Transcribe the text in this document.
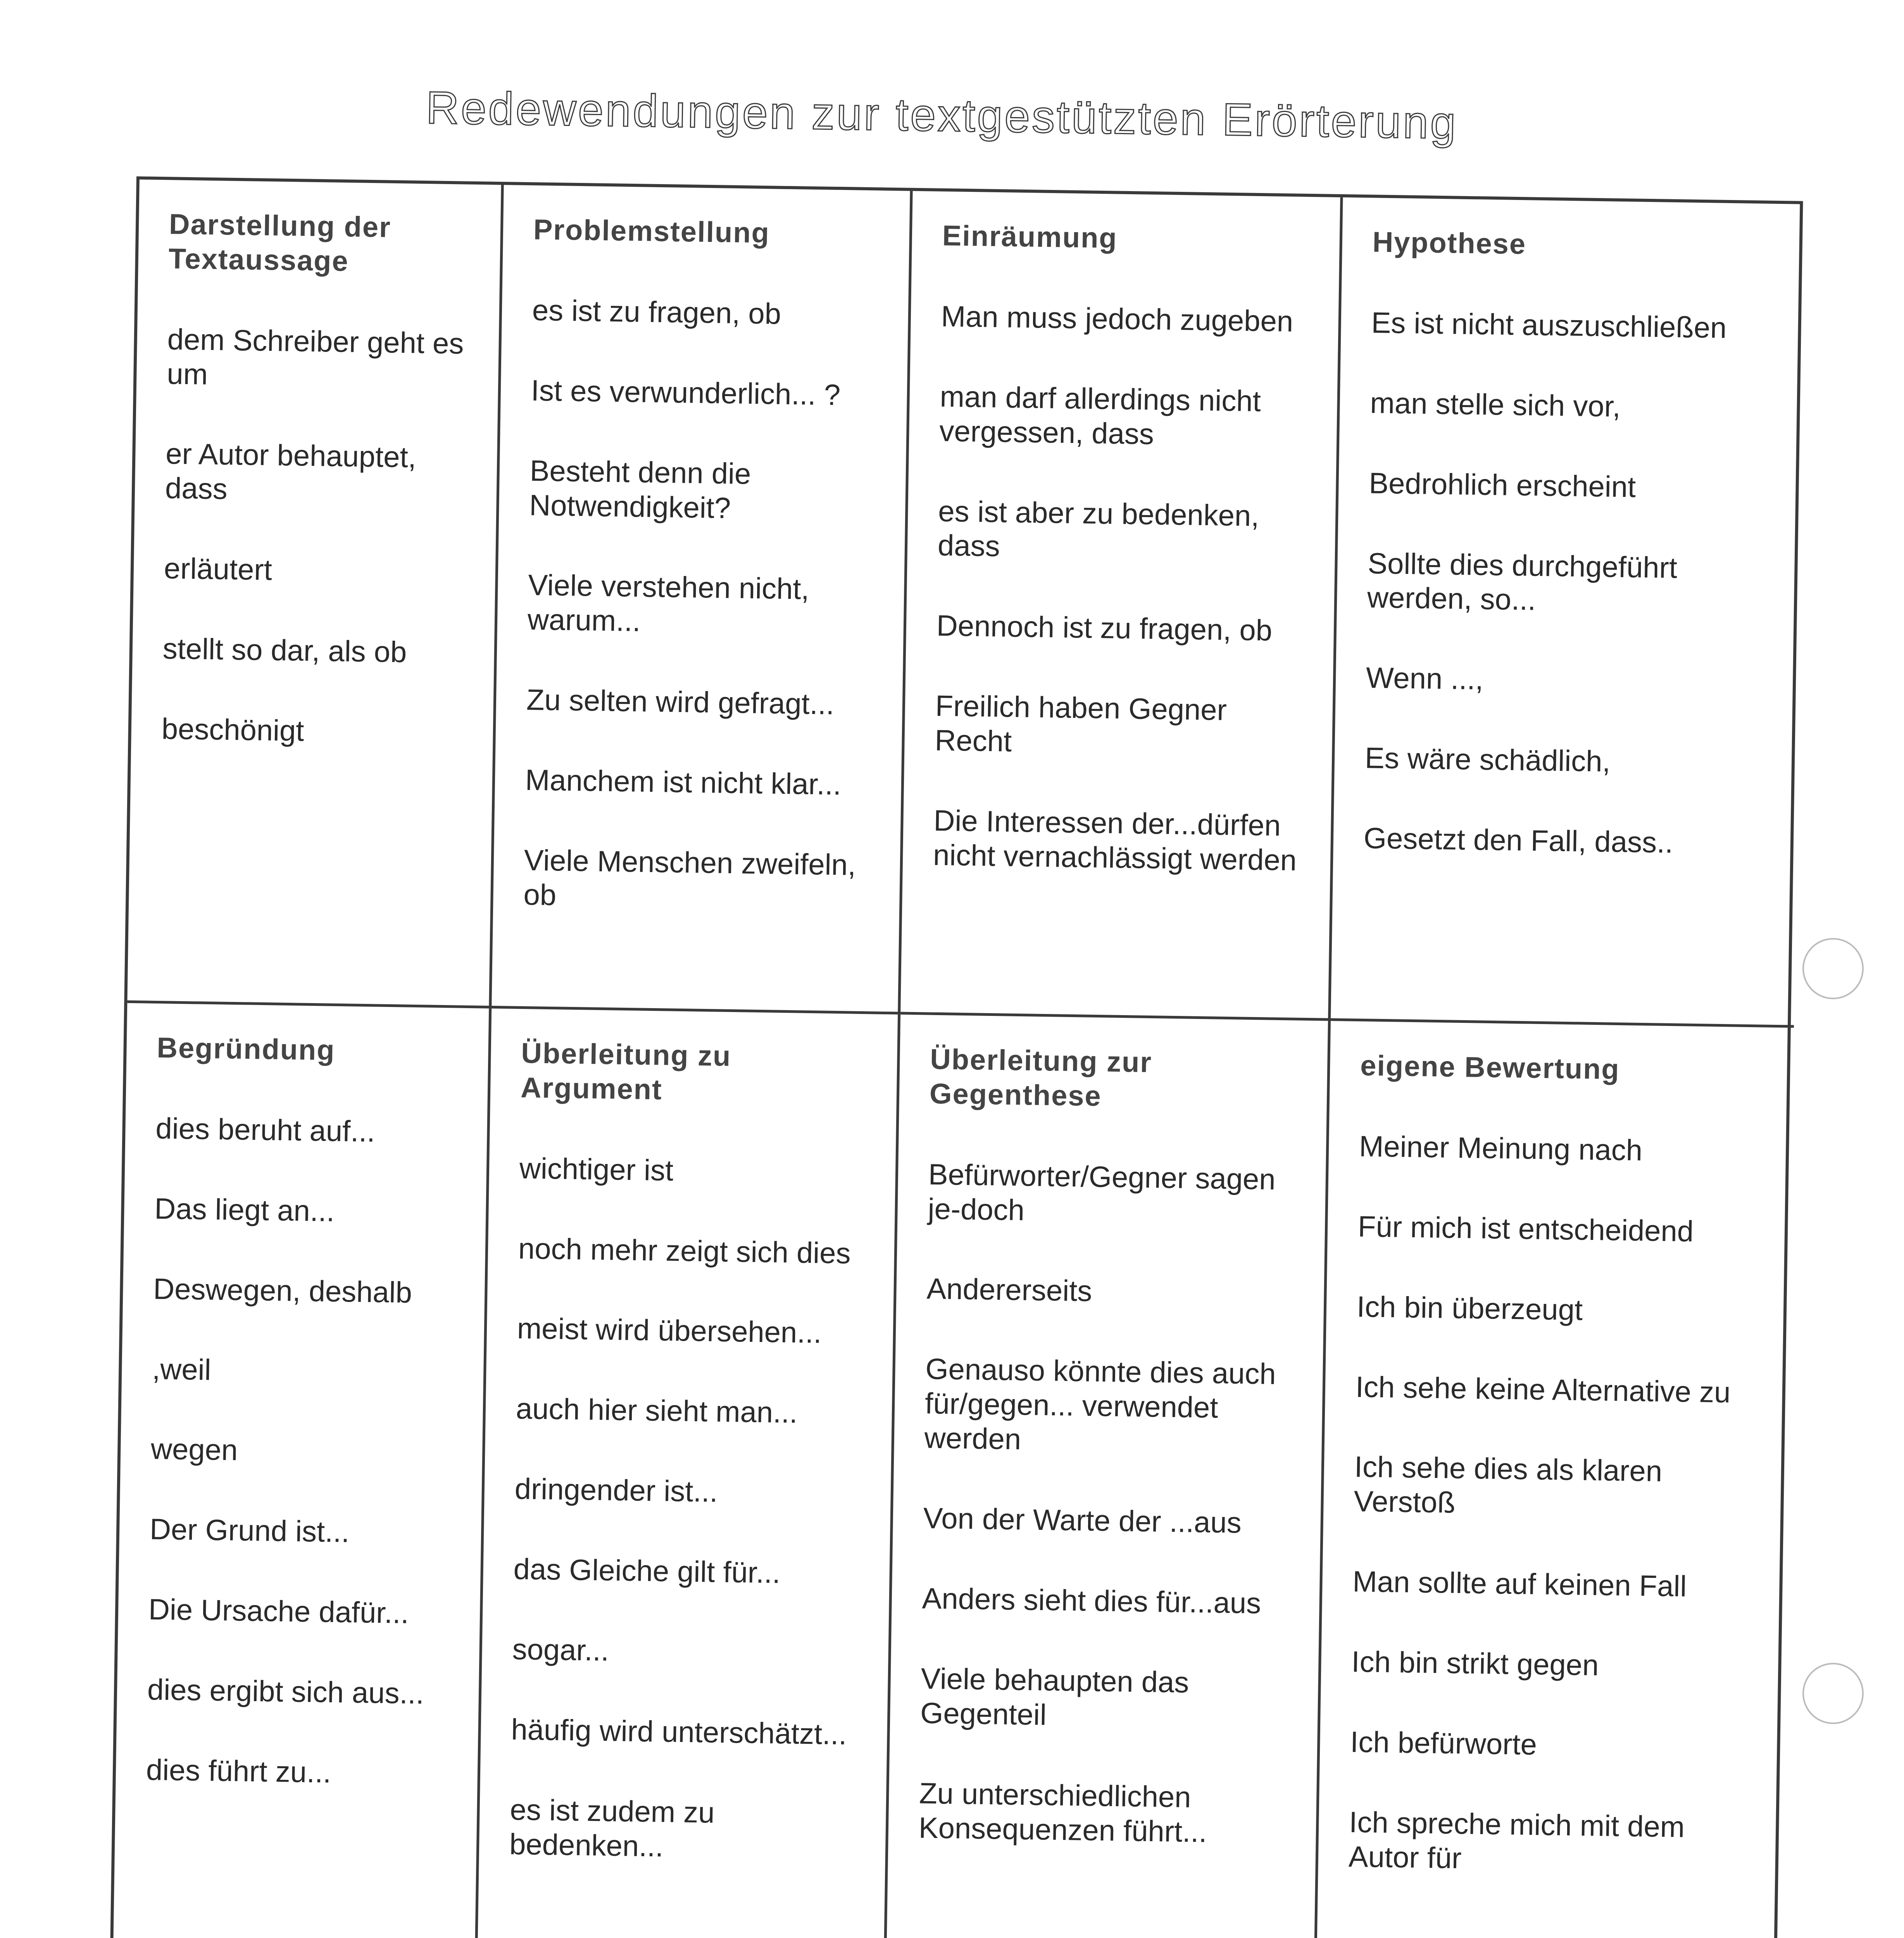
Redewendungen zur textgestützten Erörterung
Darstellung der Textaussage
dem Schreiber geht es um
er Autor behauptet, dass
erläutert
stellt so dar, als ob
beschönigt
Problemstellung
es ist zu fragen, ob
Ist es verwunderlich... ?
Besteht denn die Notwendigkeit?
Viele verstehen nicht, warum...
Zu selten wird gefragt...
Manchem ist nicht klar...
Viele Menschen zweifeln, ob
Einräumung
Man muss jedoch zugeben
man darf allerdings nicht vergessen, dass
es ist aber zu bedenken, dass
Dennoch ist zu fragen, ob
Freilich haben Gegner Recht
Die Interessen der...dürfen nicht vernachlässigt werden
Hypothese
Es ist nicht auszuschließen
man stelle sich vor,
Bedrohlich erscheint
Sollte dies durchgeführt werden, so...
Wenn ...,
Es wäre schädlich,
Gesetzt den Fall, dass..
Begründung
dies beruht auf...
Das liegt an...
Deswegen, deshalb
,weil
wegen
Der Grund ist...
Die Ursache dafür...
dies ergibt sich aus...
dies führt zu...
Überleitung zu Argument
wichtiger ist
noch mehr zeigt sich dies
meist wird übersehen...
auch hier sieht man...
dringender ist...
das Gleiche gilt für...
sogar...
häufig wird unterschätzt...
es ist zudem zu bedenken...
Überleitung zur Gegenthese
Befürworter/Gegner sagen je-doch
Andererseits
Genauso könnte dies auch für/gegen... verwendet werden
Von der Warte der ...aus
Anders sieht dies für...aus
Viele behaupten das Gegenteil
Zu unterschiedlichen Konsequenzen führt...
eigene Bewertung
Meiner Meinung nach
Für mich ist entscheidend
Ich bin überzeugt
Ich sehe keine Alternative zu
Ich sehe dies als klaren Verstoß
Man sollte auf keinen Fall
Ich bin strikt gegen
Ich befürworte
Ich spreche mich mit dem Autor für
